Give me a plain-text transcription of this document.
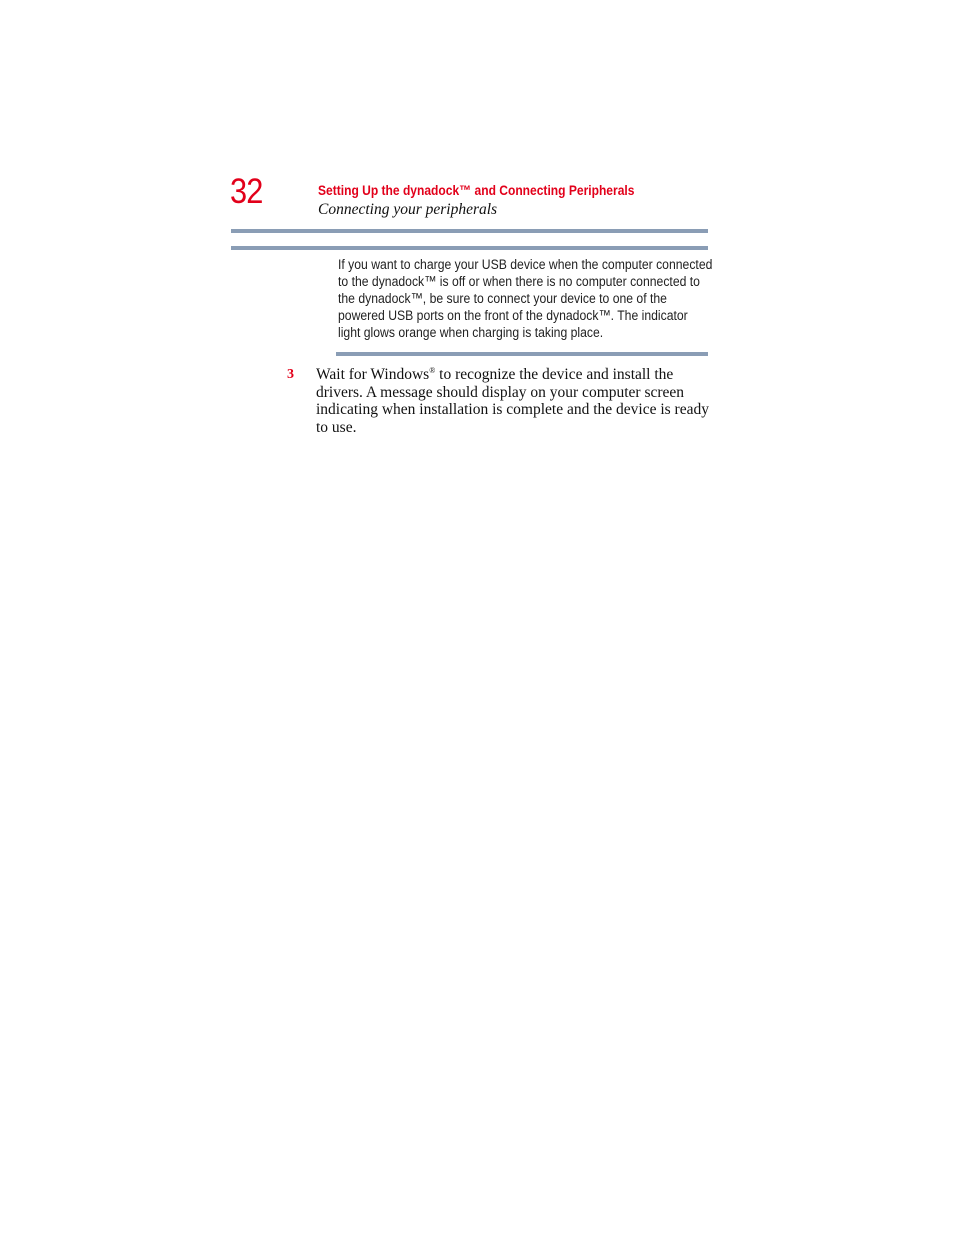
32	Setting Up the dynadock™ and Connecting Peripherals
Connecting your peripherals
If you want to charge your USB device when the computer connected
to the dynadock™ is off or when there is no computer connected to
the dynadock™, be sure to connect your device to one of the
powered USB ports on the front of the dynadock™. The indicator
light glows orange when charging is taking place.
3 Wait for Windows® to recognize the device and install the
drivers. A message should display on your computer screen
indicating when installation is complete and the device is ready
to use.
